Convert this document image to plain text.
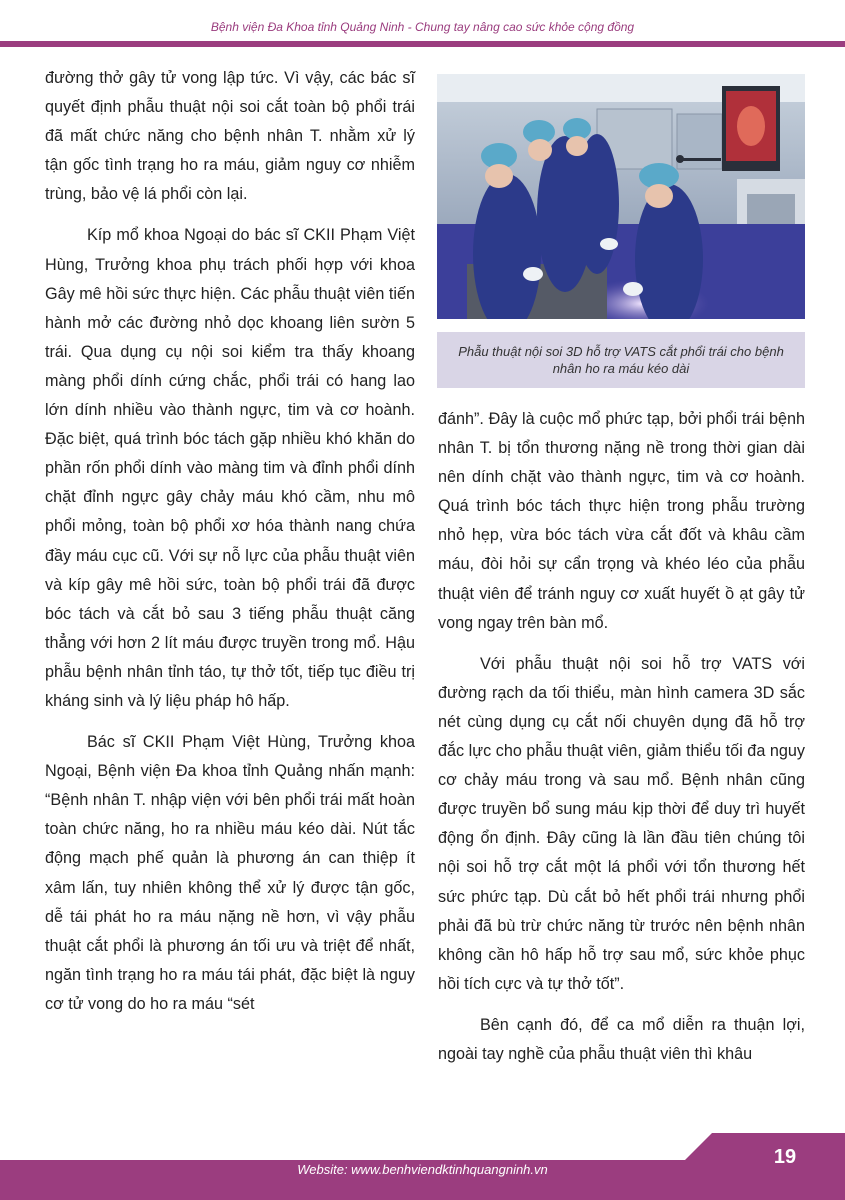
Bệnh viện Đa Khoa tỉnh Quảng Ninh - Chung tay nâng cao sức khỏe cộng đồng

đường thở gây tử vong lập tức. Vì vậy, các bác sĩ quyết định phẫu thuật nội soi cắt toàn bộ phổi trái đã mất chức năng cho bệnh nhân T. nhằm xử lý tận gốc tình trạng ho ra máu, giảm nguy cơ nhiễm trùng, bảo vệ lá phổi còn lại.

Kíp mổ khoa Ngoại do bác sĩ CKII Phạm Việt Hùng, Trưởng khoa phụ trách phối hợp với khoa Gây mê hồi sức thực hiện. Các phẫu thuật viên tiến hành mở các đường nhỏ dọc khoang liên sườn 5 trái. Qua dụng cụ nội soi kiểm tra thấy khoang màng phổi dính cứng chắc, phổi trái có hang lao lớn dính nhiều vào thành ngực, tim và cơ hoành. Đặc biệt, quá trình bóc tách gặp nhiều khó khăn do phần rốn phổi dính vào màng tim và đỉnh phổi dính chặt đỉnh ngực gây chảy máu khó cầm, nhu mô phổi mỏng, toàn bộ phổi xơ hóa thành nang chứa đầy máu cục cũ. Với sự nỗ lực của phẫu thuật viên và kíp gây mê hồi sức, toàn bộ phổi trái đã được bóc tách và cắt bỏ sau 3 tiếng phẫu thuật căng thẳng với hơn 2 lít máu được truyền trong mổ. Hậu phẫu bệnh nhân tỉnh táo, tự thở tốt, tiếp tục điều trị kháng sinh và lý liệu pháp hô hấp.

Bác sĩ CKII Phạm Việt Hùng, Trưởng khoa Ngoại, Bệnh viện Đa khoa tỉnh Quảng nhấn mạnh: “Bệnh nhân T. nhập viện với bên phổi trái mất hoàn toàn chức năng, ho ra nhiều máu kéo dài. Nút tắc động mạch phế quản là phương án can thiệp ít xâm lấn, tuy nhiên không thể xử lý được tận gốc, dễ tái phát ho ra máu nặng nề hơn, vì vậy phẫu thuật cắt phổi là phương án tối ưu và triệt để nhất, ngăn tình trạng ho ra máu tái phát, đặc biệt là nguy cơ tử vong do ho ra máu “sét

Phẫu thuật nội soi 3D hỗ trợ VATS cắt phổi trái cho bệnh nhân ho ra máu kéo dài

đánh”. Đây là cuộc mổ phức tạp, bởi phổi trái bệnh nhân T. bị tổn thương nặng nề trong thời gian dài nên dính chặt vào thành ngực, tim và cơ hoành. Quá trình bóc tách thực hiện trong phẫu trường nhỏ hẹp, vừa bóc tách vừa cắt đốt và khâu cầm máu, đòi hỏi sự cẩn trọng và khéo léo của phẫu thuật viên để tránh nguy cơ xuất huyết ồ ạt gây tử vong ngay trên bàn mổ.

Với phẫu thuật nội soi hỗ trợ VATS với đường rạch da tối thiểu, màn hình camera 3D sắc nét cùng dụng cụ cắt nối chuyên dụng đã hỗ trợ đắc lực cho phẫu thuật viên, giảm thiểu tối đa nguy cơ chảy máu trong và sau mổ. Bệnh nhân cũng được truyền bổ sung máu kịp thời để duy trì huyết động ổn định. Đây cũng là lần đầu tiên chúng tôi nội soi hỗ trợ cắt một lá phổi với tổn thương hết sức phức tạp. Dù cắt bỏ hết phổi trái nhưng phổi phải đã bù trừ chức năng từ trước nên bệnh nhân không cần hô hấp hỗ trợ sau mổ, sức khỏe phục hồi tích cực và tự thở tốt”.

Bên cạnh đó, để ca mổ diễn ra thuận lợi, ngoài tay nghề của phẫu thuật viên thì khâu

Website: www.benhviendktinhquangninh.vn
19
